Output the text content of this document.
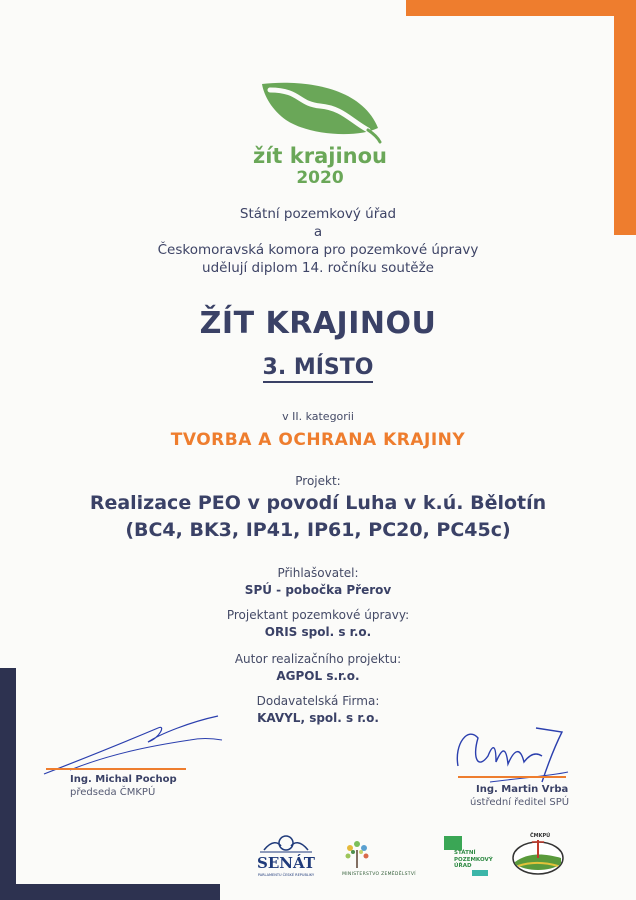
žít krajinou
2020
Státní pozemkový úřad
a
Českomoravská komora pro pozemkové úpravy
udělují diplom 14. ročníku soutěže
ŽÍT KRAJINOU
3. MÍSTO
v II. kategorii
TVORBA A OCHRANA KRAJINY
Projekt:
Realizace PEO v povodí Luha v k.ú. Bělotín
(BC4, BK3, IP41, IP61, PC20, PC45c)
Přihlašovatel:
SPÚ - pobočka Přerov
Projektant pozemkové úpravy:
ORIS spol. s r.o.
Autor realizačního projektu:
AGPOL s.r.o.
Dodavatelská Firma:
KAVYL, spol. s r.o.
Ing. Michal Pochop
předseda ČMKPÚ	Ing. Martin Vrba
ústřední ředitel SPÚ
SENÁT
PARLAMENTU ČESKÉ REPUBLIKY	MINISTERSTVO ZEMĚDĚLSTVÍ
STÁTNÍ
POZEMKOVÝ
ÚŘAD
ČMKPÚ
